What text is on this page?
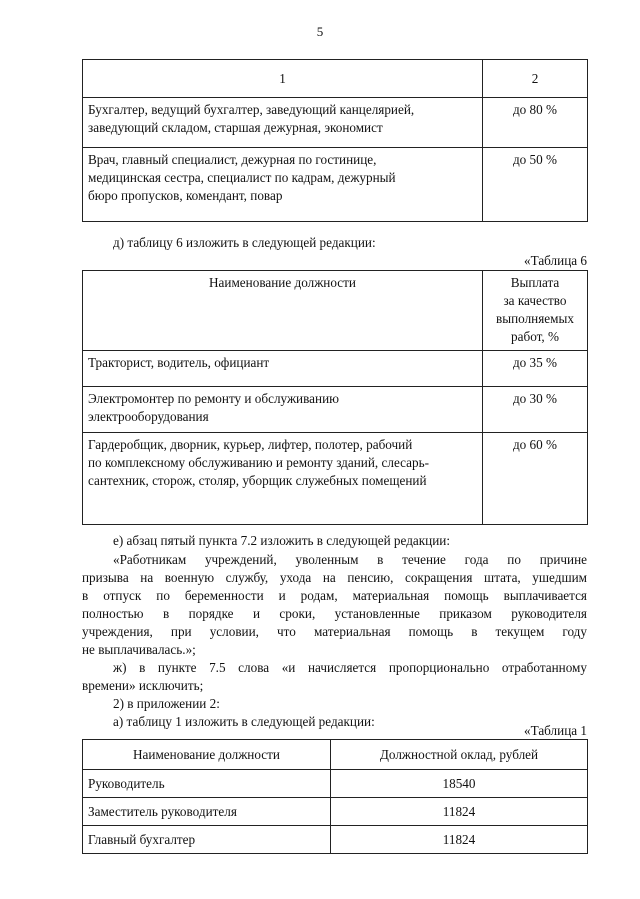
5
1	2

Бухгалтер, ведущий бухгалтер, заведующий канцелярией,
заведующий складом, старшая дежурная, экономист	до 80 %

Врач, главный специалист, дежурная по гостинице,
медицинская сестра, специалист по кадрам, дежурный
бюро пропусков, комендант, повар	до 50 %
д) таблицу 6 изложить в следующей редакции:
«Таблица 6
Наименование должности	Выплата
за качество
выполняемых
работ, %

Тракторист, водитель, официант	до 35 %

Электромонтер по ремонту и обслуживанию
электрооборудования	до 30 %

Гардеробщик, дворник, курьер, лифтер, полотер, рабочий
по комплексному обслуживанию и ремонту зданий, слесарь-
сантехник, сторож, столяр, уборщик служебных помещений	до 60 %
е) абзац пятый пункта 7.2 изложить в следующей редакции:
«Работникам учреждений, уволенным в течение года по причине
призыва на военную службу, ухода на пенсию, сокращения штата, ушедшим
в отпуск по беременности и родам, материальная помощь выплачивается
полностью в порядке и сроки, установленные приказом руководителя
учреждения, при условии, что материальная помощь в текущем году
не выплачивалась.»;
ж) в пункте 7.5 слова «и начисляется пропорционально отработанному
времени» исключить;
2) в приложении 2:
а) таблицу 1 изложить в следующей редакции:
«Таблица 1
Наименование должности	Должностной оклад, рублей
Руководитель	18540
Заместитель руководителя	11824
Главный бухгалтер	11824
